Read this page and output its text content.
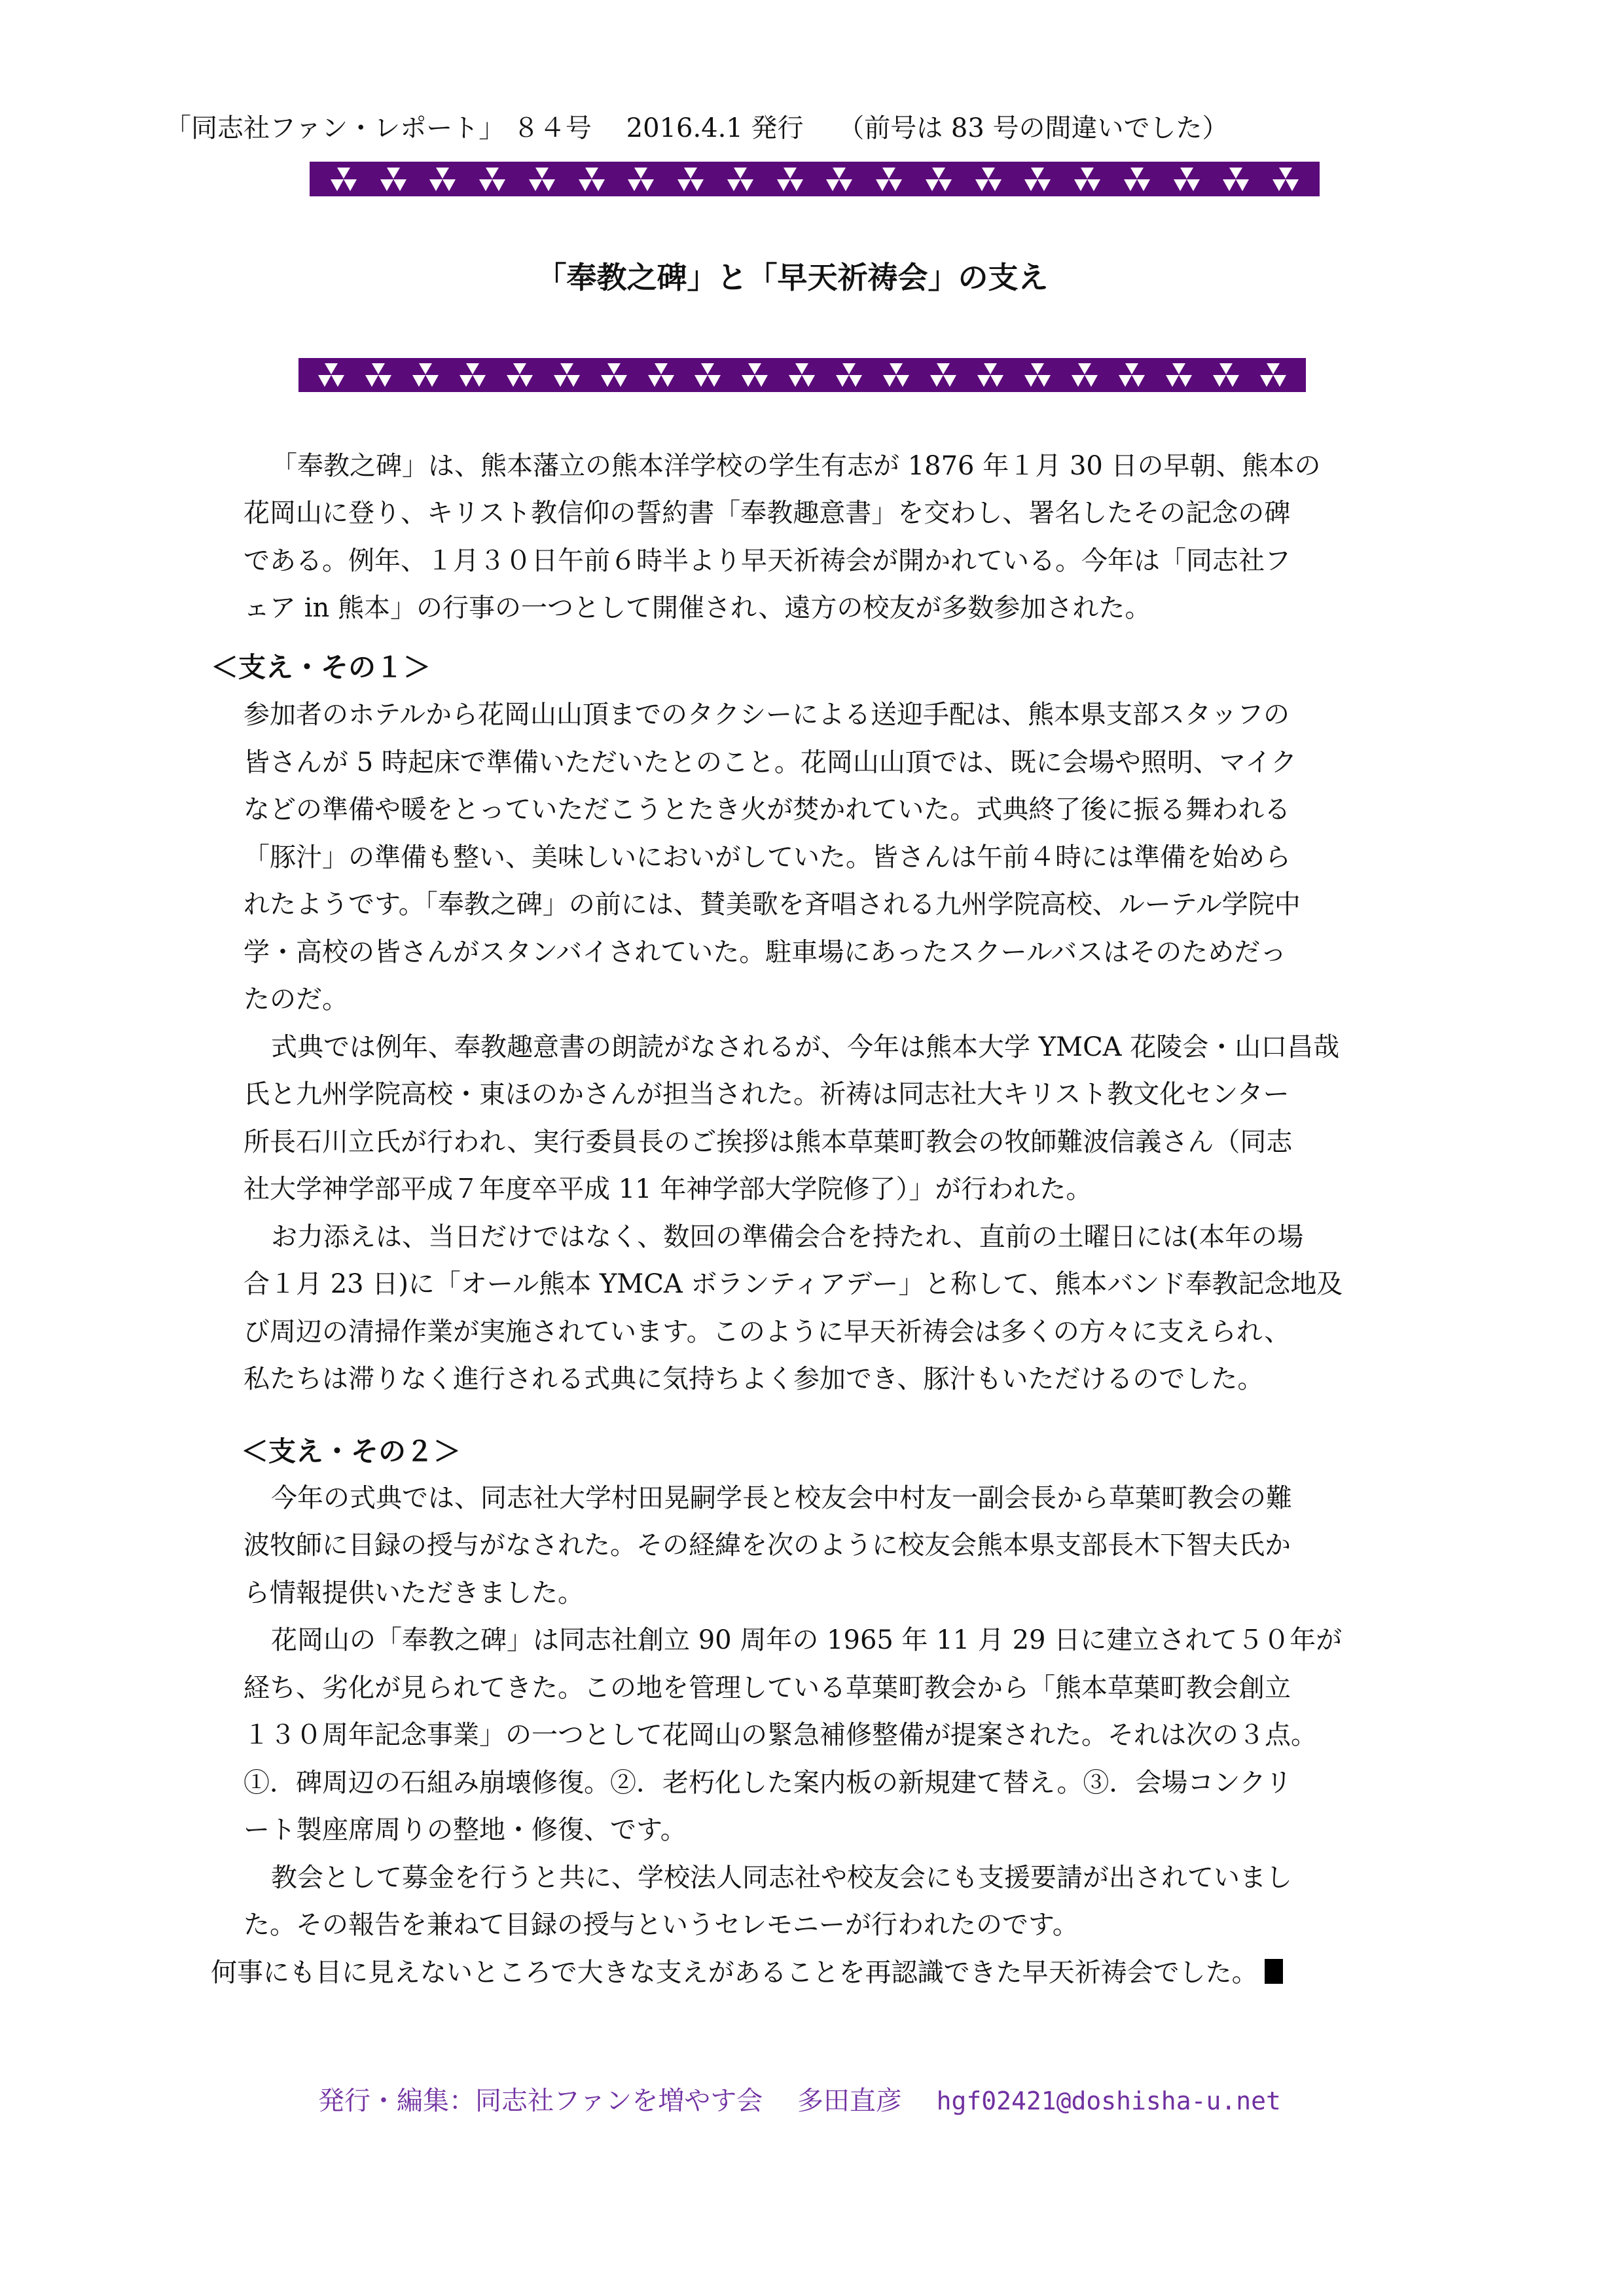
「同志社ファン・レポート」 ８４号 2016.4.1 発行 （前号は 83 号の間違いでした）
「奉教之碑」と「早天祈祷会」の支え
「奉教之碑」は、熊本藩立の熊本洋学校の学生有志が 1876 年１月 30 日の早朝、熊本の
花岡山に登り、キリスト教信仰の誓約書「奉教趣意書」を交わし、署名したその記念の碑
である。例年、１月３０日午前６時半より早天祈祷会が開かれている。今年は「同志社フ
ェア in 熊本」の行事の一つとして開催され、遠方の校友が多数参加された。
＜支え・その１＞
参加者のホテルから花岡山山頂までのタクシーによる送迎手配は、熊本県支部スタッフの
皆さんが 5 時起床で準備いただいたとのこと。花岡山山頂では、既に会場や照明、マイク
などの準備や暖をとっていただこうとたき火が焚かれていた。式典終了後に振る舞われる
「豚汁」の準備も整い、美味しいにおいがしていた。皆さんは午前４時には準備を始めら
れたようです。「奉教之碑」の前には、賛美歌を斉唱される九州学院高校、ルーテル学院中
学・高校の皆さんがスタンバイされていた。駐車場にあったスクールバスはそのためだっ
たのだ。
式典では例年、奉教趣意書の朗読がなされるが、今年は熊本大学 YMCA 花陵会・山口昌哉
氏と九州学院高校・東ほのかさんが担当された。祈祷は同志社大キリスト教文化センター
所長石川立氏が行われ、実行委員長のご挨拶は熊本草葉町教会の牧師難波信義さん（同志
社大学神学部平成７年度卒平成 11 年神学部大学院修了）」が行われた。
お力添えは、当日だけではなく、数回の準備会合を持たれ、直前の土曜日には(本年の場
合１月 23 日)に「オール熊本 YMCA ボランティアデー」と称して、熊本バンド奉教記念地及
び周辺の清掃作業が実施されています。このように早天祈祷会は多くの方々に支えられ、
私たちは滞りなく進行される式典に気持ちよく参加でき、豚汁もいただけるのでした。
＜支え・その２＞
今年の式典では、同志社大学村田晃嗣学長と校友会中村友一副会長から草葉町教会の難
波牧師に目録の授与がなされた。その経緯を次のように校友会熊本県支部長木下智夫氏か
ら情報提供いただきました。
花岡山の「奉教之碑」は同志社創立 90 周年の 1965 年 11 月 29 日に建立されて５０年が
経ち、劣化が見られてきた。この地を管理している草葉町教会から「熊本草葉町教会創立
１３０周年記念事業」の一つとして花岡山の緊急補修整備が提案された。それは次の３点。
①．碑周辺の石組み崩壊修復。②．老朽化した案内板の新規建て替え。③．会場コンクリ
ート製座席周りの整地・修復、です。
教会として募金を行うと共に、学校法人同志社や校友会にも支援要請が出されていまし
た。その報告を兼ねて目録の授与というセレモニーが行われたのです。
何事にも目に見えないところで大きな支えがあることを再認識できた早天祈祷会でした。
発行・編集：同志社ファンを増やす会 多田直彦 hgf02421@doshisha-u.net
